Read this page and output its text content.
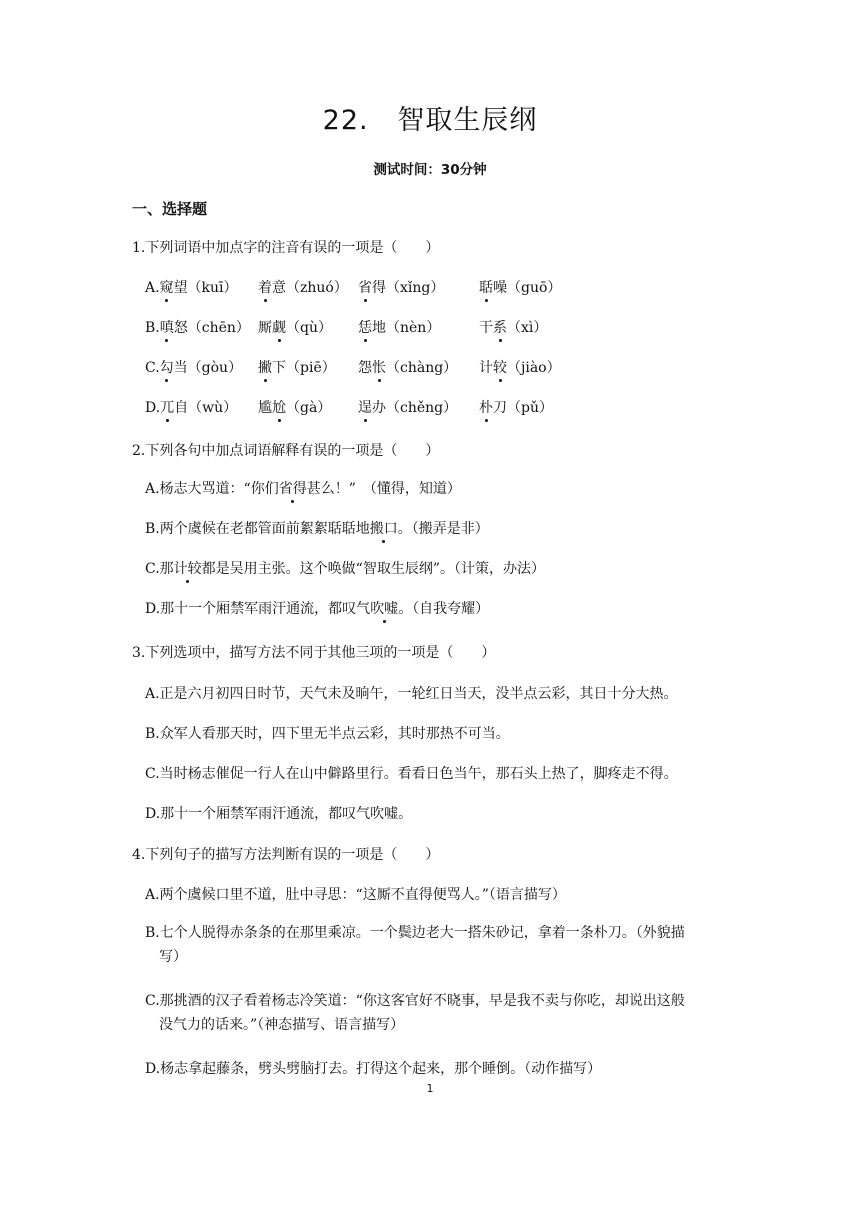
22.   智取生辰纲
测试时间：30分钟
一、选择题
1.下列词语中加点字的注音有误的一项是（　　）
A.窥望（kuī） 着意（zhuó） 省得（xǐng） 聒噪（guō）
B.嗔怒（chēn） 厮觑（qù） 恁地（nèn）	干系（xì）
C.勾当（gòu） 撇下（piē） 怨怅（chàng） 计较（jiào）
D.兀自（wù） 尴尬（gà） 逞办（chěng） 朴刀（pǔ）
2.下列各句中加点词语解释有误的一项是（　　）
A.杨志大骂道：“你们省得甚么！”　（懂得，知道）
B.两个虞候在老都管面前絮絮聒聒地搬口。（搬弄是非）
C.那计较都是吴用主张。这个唤做“智取生辰纲”。（计策，办法）
D.那十一个厢禁军雨汗通流，都叹气吹嘘。（自我夸耀）
3.下列选项中，描写方法不同于其他三项的一项是（　　）
A.正是六月初四日时节，天气未及晌午，一轮红日当天，没半点云彩，其日十分大热。
B.众军人看那天时，四下里无半点云彩，其时那热不可当。
C.当时杨志催促一行人在山中僻路里行。看看日色当午，那石头上热了，脚疼走不得。
D.那十一个厢禁军雨汗通流，都叹气吹嘘。
4.下列句子的描写方法判断有误的一项是（　　）
A.两个虞候口里不道，肚中寻思：“这厮不直得便骂人。”（语言描写）
B.七个人脱得赤条条的在那里乘凉。一个鬓边老大一搭朱砂记，拿着一条朴刀。（外貌描
写）
C.那挑酒的汉子看着杨志冷笑道：“你这客官好不晓事，早是我不卖与你吃，却说出这般
没气力的话来。”（神态描写、语言描写）
D.杨志拿起藤条，劈头劈脑打去。打得这个起来，那个睡倒。（动作描写）
1
